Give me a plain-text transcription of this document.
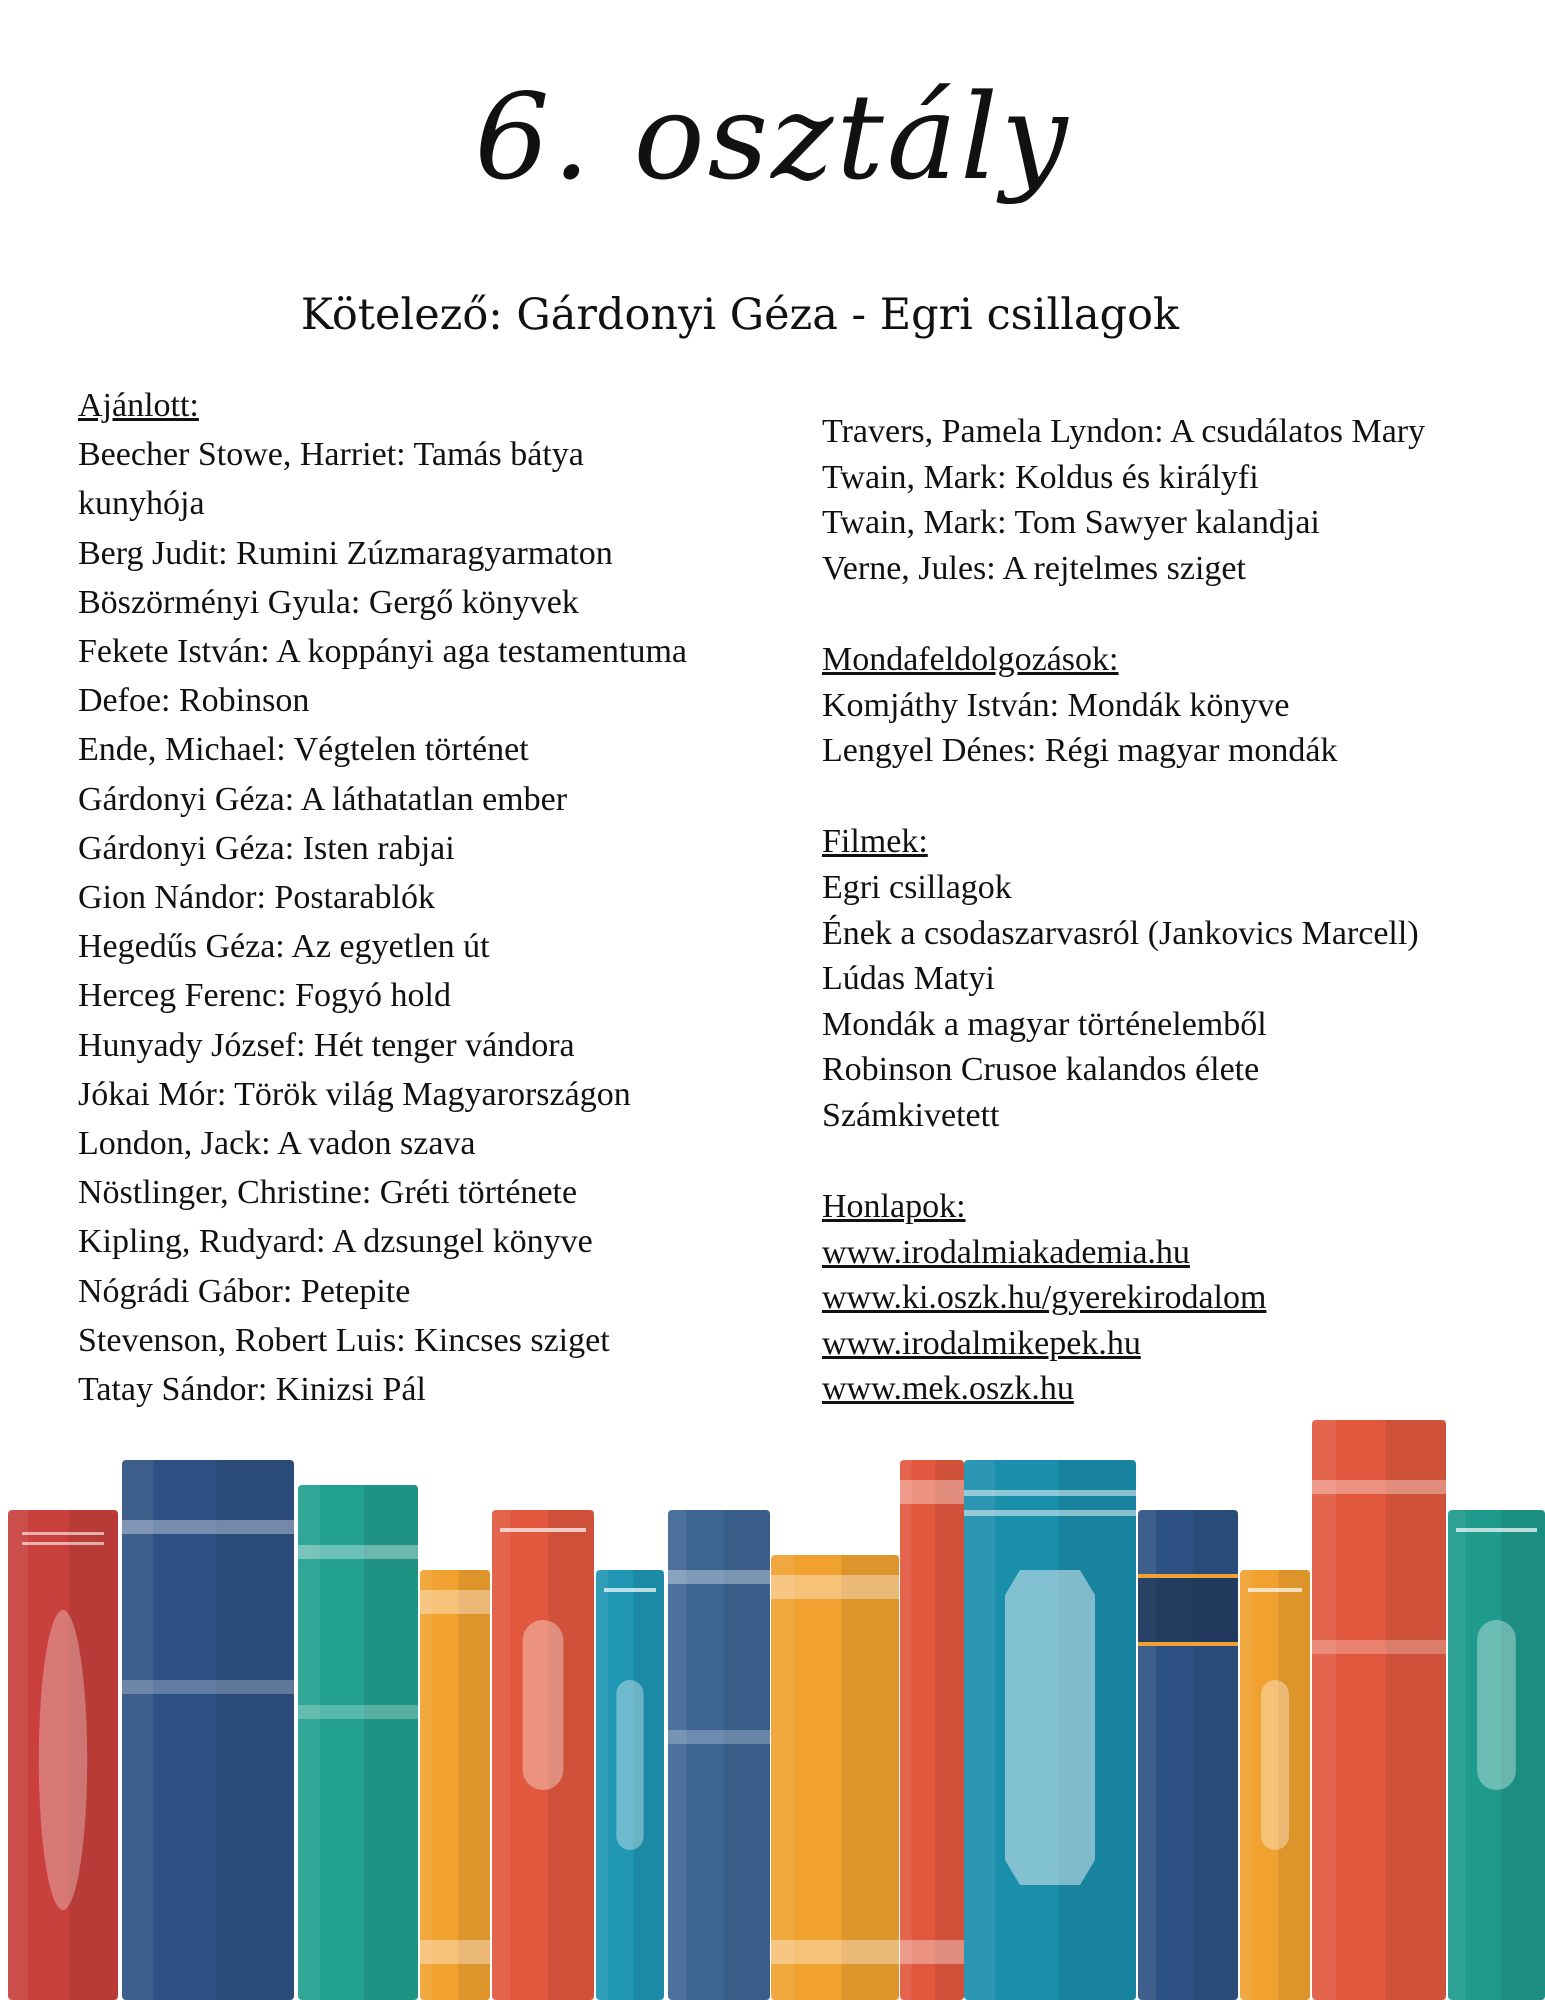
6. osztály
Kötelező: Gárdonyi Géza - Egri csillagok
Ajánlott:
Beecher Stowe, Harriet: Tamás bátya
kunyhója
Berg Judit: Rumini Zúzmaragyarmaton
Böszörményi Gyula: Gergő könyvek
Fekete István: A koppányi aga testamentuma
Defoe: Robinson
Ende, Michael: Végtelen történet
Gárdonyi Géza: A láthatatlan ember
Gárdonyi Géza: Isten rabjai
Gion Nándor: Postarablók
Hegedűs Géza: Az egyetlen út
Herceg Ferenc: Fogyó hold
Hunyady József: Hét tenger vándora
Jókai Mór: Török világ Magyarországon
London, Jack: A vadon szava
Nöstlinger, Christine: Gréti története
Kipling, Rudyard: A dzsungel könyve
Nógrádi Gábor: Petepite
Stevenson, Robert Luis: Kincses sziget
Tatay Sándor: Kinizsi Pál
Travers, Pamela Lyndon: A csudálatos Mary
Twain, Mark: Koldus és királyfi
Twain, Mark: Tom Sawyer kalandjai
Verne, Jules: A rejtelmes sziget
Mondafeldolgozások:
Komjáthy István: Mondák könyve
Lengyel Dénes: Régi magyar mondák
Filmek:
Egri csillagok
Ének a csodaszarvasról (Jankovics Marcell)
Lúdas Matyi
Mondák a magyar történelemből
Robinson Crusoe kalandos élete
Számkivetett
Honlapok:
www.irodalmiakademia.hu
www.ki.oszk.hu/gyerekirodalom
www.irodalmikepek.hu
www.mek.oszk.hu
